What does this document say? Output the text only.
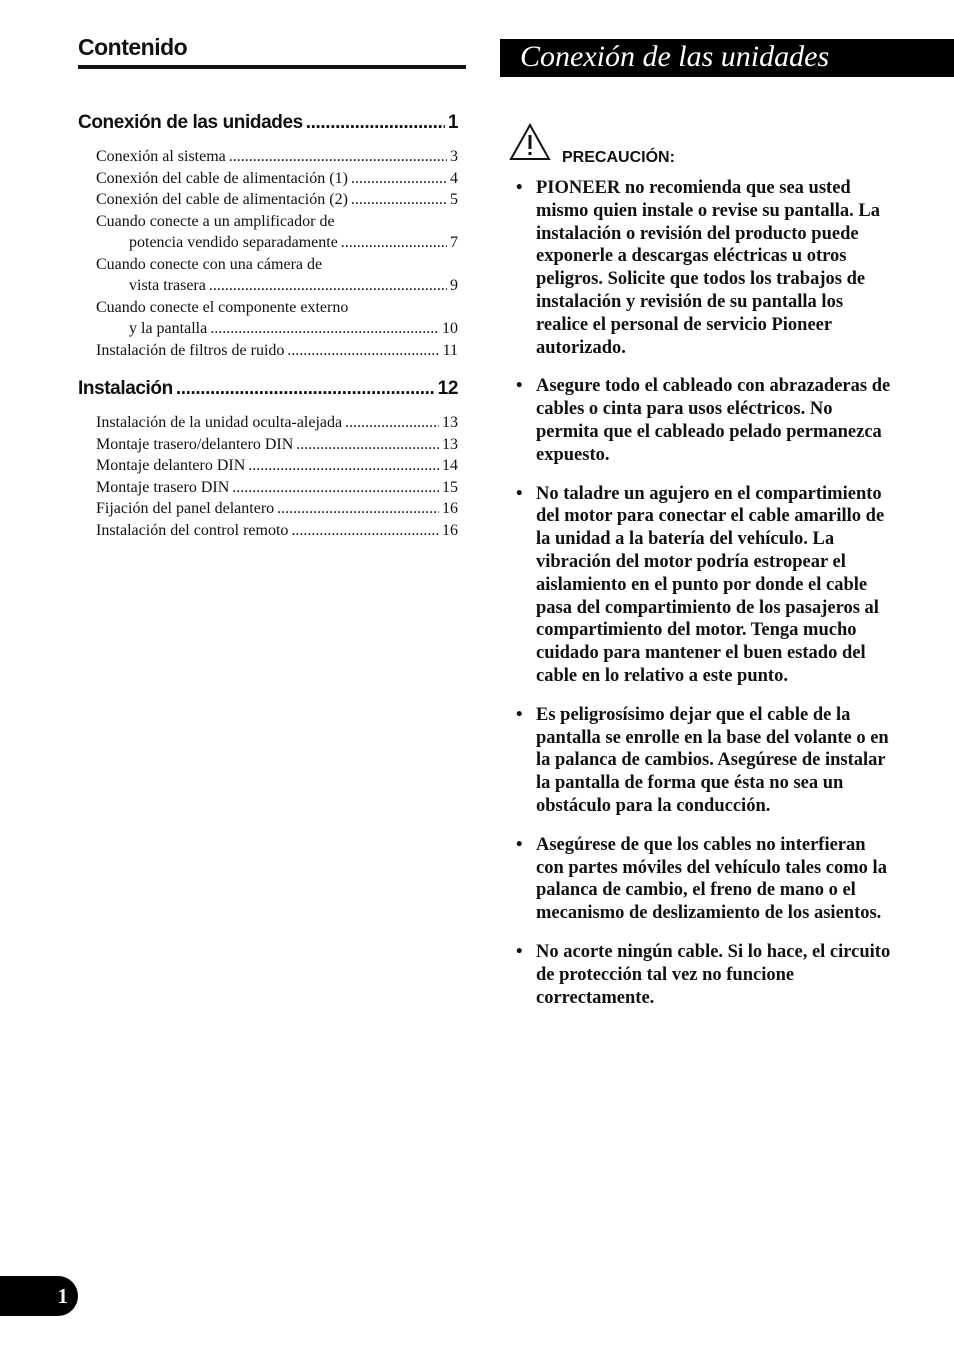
Contenido
Conexión de las unidades .....	1
Conexión al sistema .....	3
Conexión del cable de alimentación (1) .....	4
Conexión del cable de alimentación (2) .....	5
Cuando conecte a un amplificador de
potencia vendido separadamente .....	7
Cuando conecte con una cámera de
vista trasera .....	9
Cuando conecte el componente externo
y la pantalla .....	10
Instalación de filtros de ruido .....	11
Instalación .....	12
Instalación de la unidad oculta-alejada .....	13
Montaje trasero/delantero DIN .....	13
Montaje delantero DIN .....	14
Montaje trasero DIN .....	15
Fijación del panel delantero .....	16
Instalación del control remoto .....	16
Conexión de las unidades
PRECAUCIÓN:
• PIONEER no recomienda que sea usted mismo quien instale o revise su pantalla. La instalación o revisión del producto puede exponerle a descargas eléctricas u otros peligros. Solicite que todos los trabajos de instalación y revisión de su pantalla los realice el personal de servicio Pioneer autorizado.
• Asegure todo el cableado con abrazaderas de cables o cinta para usos eléctricos. No permita que el cableado pelado permanezca expuesto.
• No taladre un agujero en el compartimiento del motor para conectar el cable amarillo de la unidad a la batería del vehículo. La vibración del motor podría estropear el aislamiento en el punto por donde el cable pasa del compartimiento de los pasajeros al compartimiento del motor. Tenga mucho cuidado para mantener el buen estado del cable en lo relativo a este punto.
• Es peligrosísimo dejar que el cable de la pantalla se enrolle en la base del volante o en la palanca de cambios. Asegúrese de instalar la pantalla de forma que ésta no sea un obstáculo para la conducción.
• Asegúrese de que los cables no interfieran con partes móviles del vehículo tales como la palanca de cambio, el freno de mano o el mecanismo de deslizamiento de los asientos.
• No acorte ningún cable. Si lo hace, el circuito de protección tal vez no funcione correctamente.
1
